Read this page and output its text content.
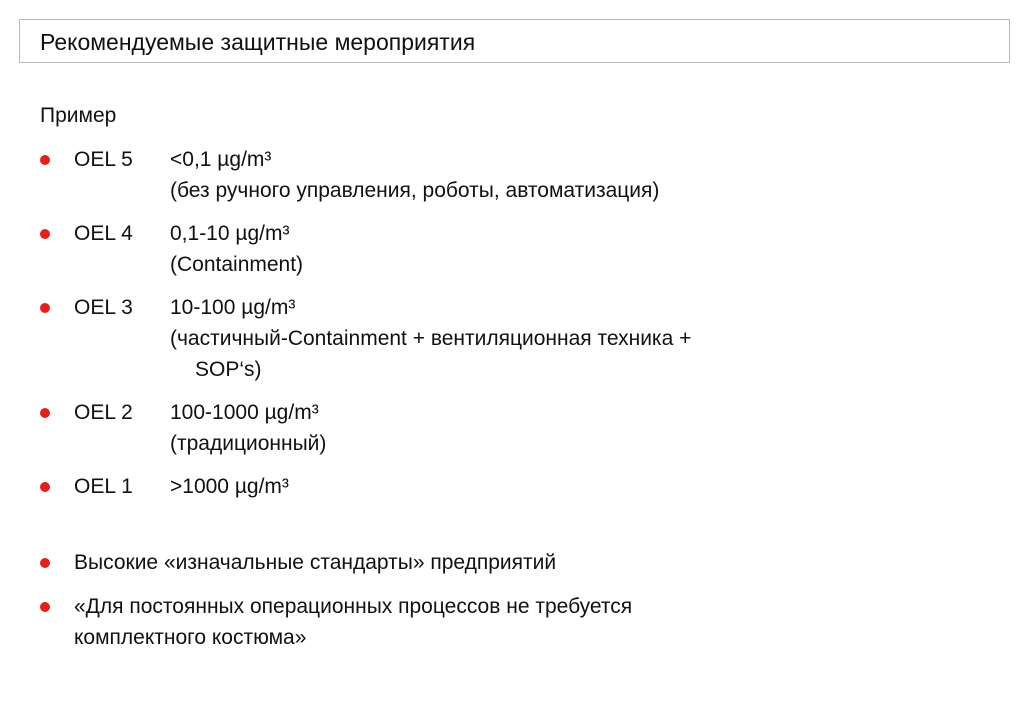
Рекомендуемые защитные мероприятия
Пример
OEL 5 <0,1 µg/m³
(без ручного управления, роботы, автоматизация)
OEL 4 0,1-10 µg/m³
(Containment)
OEL 3 10-100 µg/m³
(частичный-Containment + вентиляционная техника +
SOP‘s)
OEL 2 100-1000 µg/m³
(традиционный)
OEL 1 >1000 µg/m³
Высокие «изначальные стандарты» предприятий
«Для постоянных операционных процессов не требуется
комплектного костюма»
